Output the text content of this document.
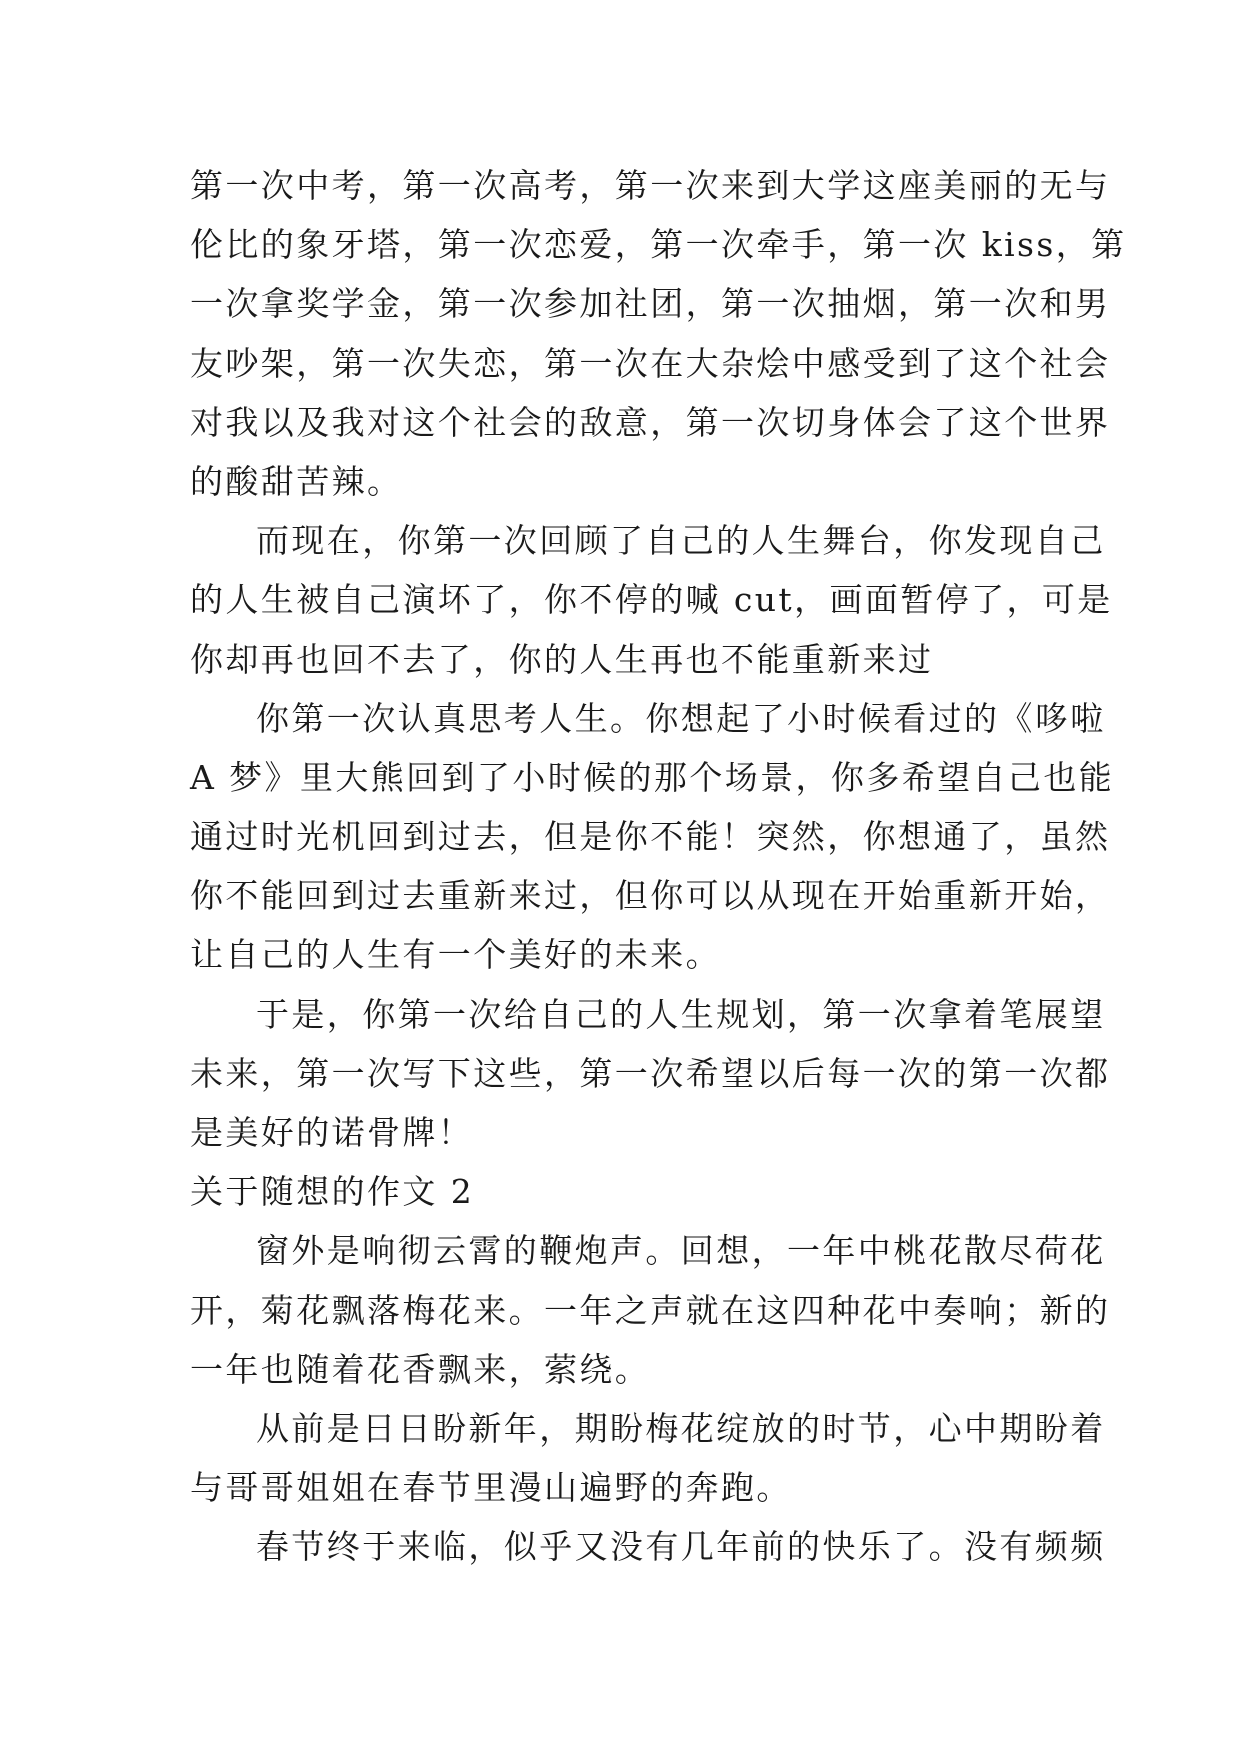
第一次中考，第一次高考，第一次来到大学这座美丽的无与
伦比的象牙塔，第一次恋爱，第一次牵手，第一次 kiss，第
一次拿奖学金，第一次参加社团，第一次抽烟，第一次和男
友吵架，第一次失恋，第一次在大杂烩中感受到了这个社会
对我以及我对这个社会的敌意，第一次切身体会了这个世界
的酸甜苦辣。
而现在，你第一次回顾了自己的人生舞台，你发现自己
的人生被自己演坏了，你不停的喊 cut，画面暂停了，可是
你却再也回不去了，你的人生再也不能重新来过
你第一次认真思考人生。你想起了小时候看过的《哆啦
A 梦》里大熊回到了小时候的那个场景，你多希望自己也能
通过时光机回到过去，但是你不能！突然，你想通了，虽然
你不能回到过去重新来过，但你可以从现在开始重新开始，
让自己的人生有一个美好的未来。
于是，你第一次给自己的人生规划，第一次拿着笔展望
未来，第一次写下这些，第一次希望以后每一次的第一次都
是美好的诺骨牌！
关于随想的作文 2
窗外是响彻云霄的鞭炮声。回想，一年中桃花散尽荷花
开，菊花飘落梅花来。一年之声就在这四种花中奏响；新的
一年也随着花香飘来，萦绕。
从前是日日盼新年，期盼梅花绽放的时节，心中期盼着
与哥哥姐姐在春节里漫山遍野的奔跑。
春节终于来临，似乎又没有几年前的快乐了。没有频频
